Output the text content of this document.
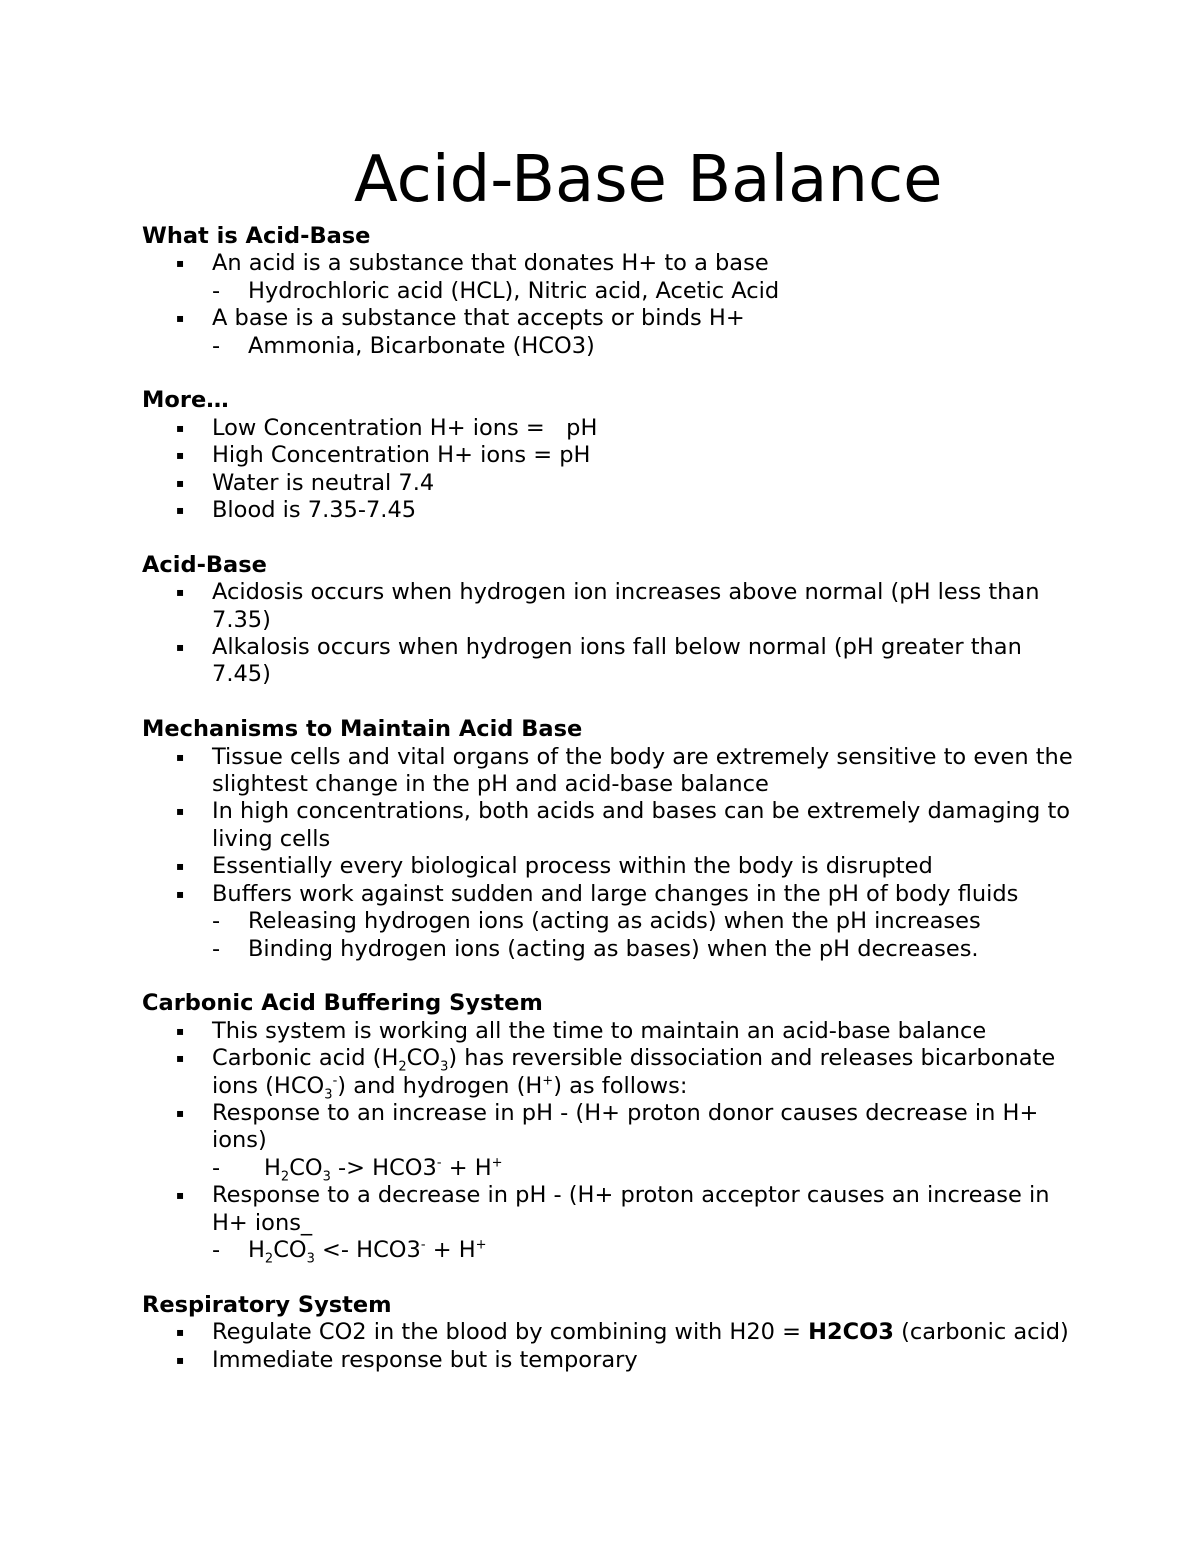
Acid-Base Balance
What is Acid-Base
▪ An acid is a substance that donates H+ to a base
- Hydrochloric acid (HCL), Nitric acid, Acetic Acid
▪ A base is a substance that accepts or binds H+
- Ammonia, Bicarbonate (HCO3)
More…
▪ Low Concentration H+ ions =   pH
▪ High Concentration H+ ions = pH
▪ Water is neutral 7.4
▪ Blood is 7.35-7.45
Acid-Base
▪ Acidosis occurs when hydrogen ion increases above normal (pH less than 7.35)
▪ Alkalosis occurs when hydrogen ions fall below normal (pH greater than 7.45)
Mechanisms to Maintain Acid Base
▪ Tissue cells and vital organs of the body are extremely sensitive to even the slightest change in the pH and acid-base balance
▪ In high concentrations, both acids and bases can be extremely damaging to living cells
▪ Essentially every biological process within the body is disrupted
▪ Buffers work against sudden and large changes in the pH of body fluids
- Releasing hydrogen ions (acting as acids) when the pH increases
- Binding hydrogen ions (acting as bases) when the pH decreases.
Carbonic Acid Buffering System
▪ This system is working all the time to maintain an acid-base balance
▪ Carbonic acid $(H_2CO_3)$ has reversible dissociation and releases bicarbonate ions $(HCO_3^-)$ and hydrogen (H+) as follows:
▪ Response to an increase in pH - (H+ proton donor causes decrease in H+ ions)
- $H_2CO_3 -> HCO3^- + H^+$
▪ Response to a decrease in pH - (H+ proton acceptor causes an increase in H+ ions_
- $H_2CO_3 <- HCO3^- + H^+$
Respiratory System
▪ Regulate CO2 in the blood by combining with H20 = H2CO3 (carbonic acid)
▪ Immediate response but is temporary
